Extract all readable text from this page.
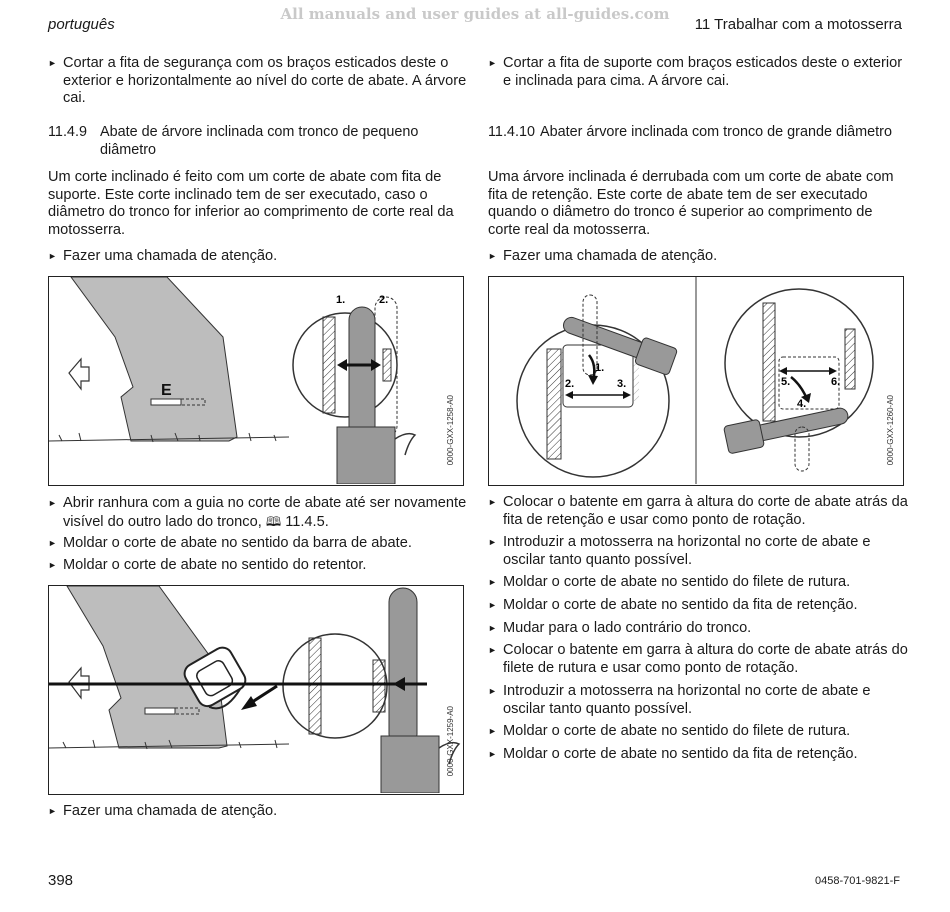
português
All manuals and user guides at all-guides.com
11 Trabalhar com a motosserra
► Cortar a fita de segurança com os braços esticados deste o exterior e horizontalmente ao nível do corte de abate. A árvore cai.
11.4.9 Abate de árvore inclinada com tronco de pequeno diâmetro
Um corte inclinado é feito com um corte de abate com fita de suporte. Este corte inclinado tem de ser executado, caso o diâmetro do tronco for inferior ao comprimento de corte real da motosserra.
► Fazer uma chamada de atenção.
E
1.	2.
0000-GXX-1258-A0
► Abrir ranhura com a guia no corte de abate até ser novamente visível do outro lado do tronco, 🕮 11.4.5.
► Moldar o corte de abate no sentido da barra de abate.
► Moldar o corte de abate no sentido do retentor.
0000-GXX-1259-A0
► Fazer uma chamada de atenção.
► Cortar a fita de suporte com braços esticados deste o exterior e inclinada para cima. A árvore cai.
11.4.10 Abater árvore inclinada com tronco de grande diâmetro
Uma árvore inclinada é derrubada com um corte de abate com fita de retenção. Este corte de abate tem de ser executado quando o diâmetro do tronco é superior ao comprimento de corte real da motosserra.
► Fazer uma chamada de atenção.
1.
2.	3.	5.	6.
4.	0000-GXX-1260-A0
► Colocar o batente em garra à altura do corte de abate atrás da fita de retenção e usar como ponto de rotação.
► Introduzir a motosserra na horizontal no corte de abate e oscilar tanto quanto possível.
► Moldar o corte de abate no sentido do filete de rutura.
► Moldar o corte de abate no sentido da fita de retenção.
► Mudar para o lado contrário do tronco.
► Colocar o batente em garra à altura do corte de abate atrás do filete de rutura e usar como ponto de rotação.
► Introduzir a motosserra na horizontal no corte de abate e oscilar tanto quanto possível.
► Moldar o corte de abate no sentido do filete de rutura.
► Moldar o corte de abate no sentido da fita de retenção.
398	0458-701-9821-F
